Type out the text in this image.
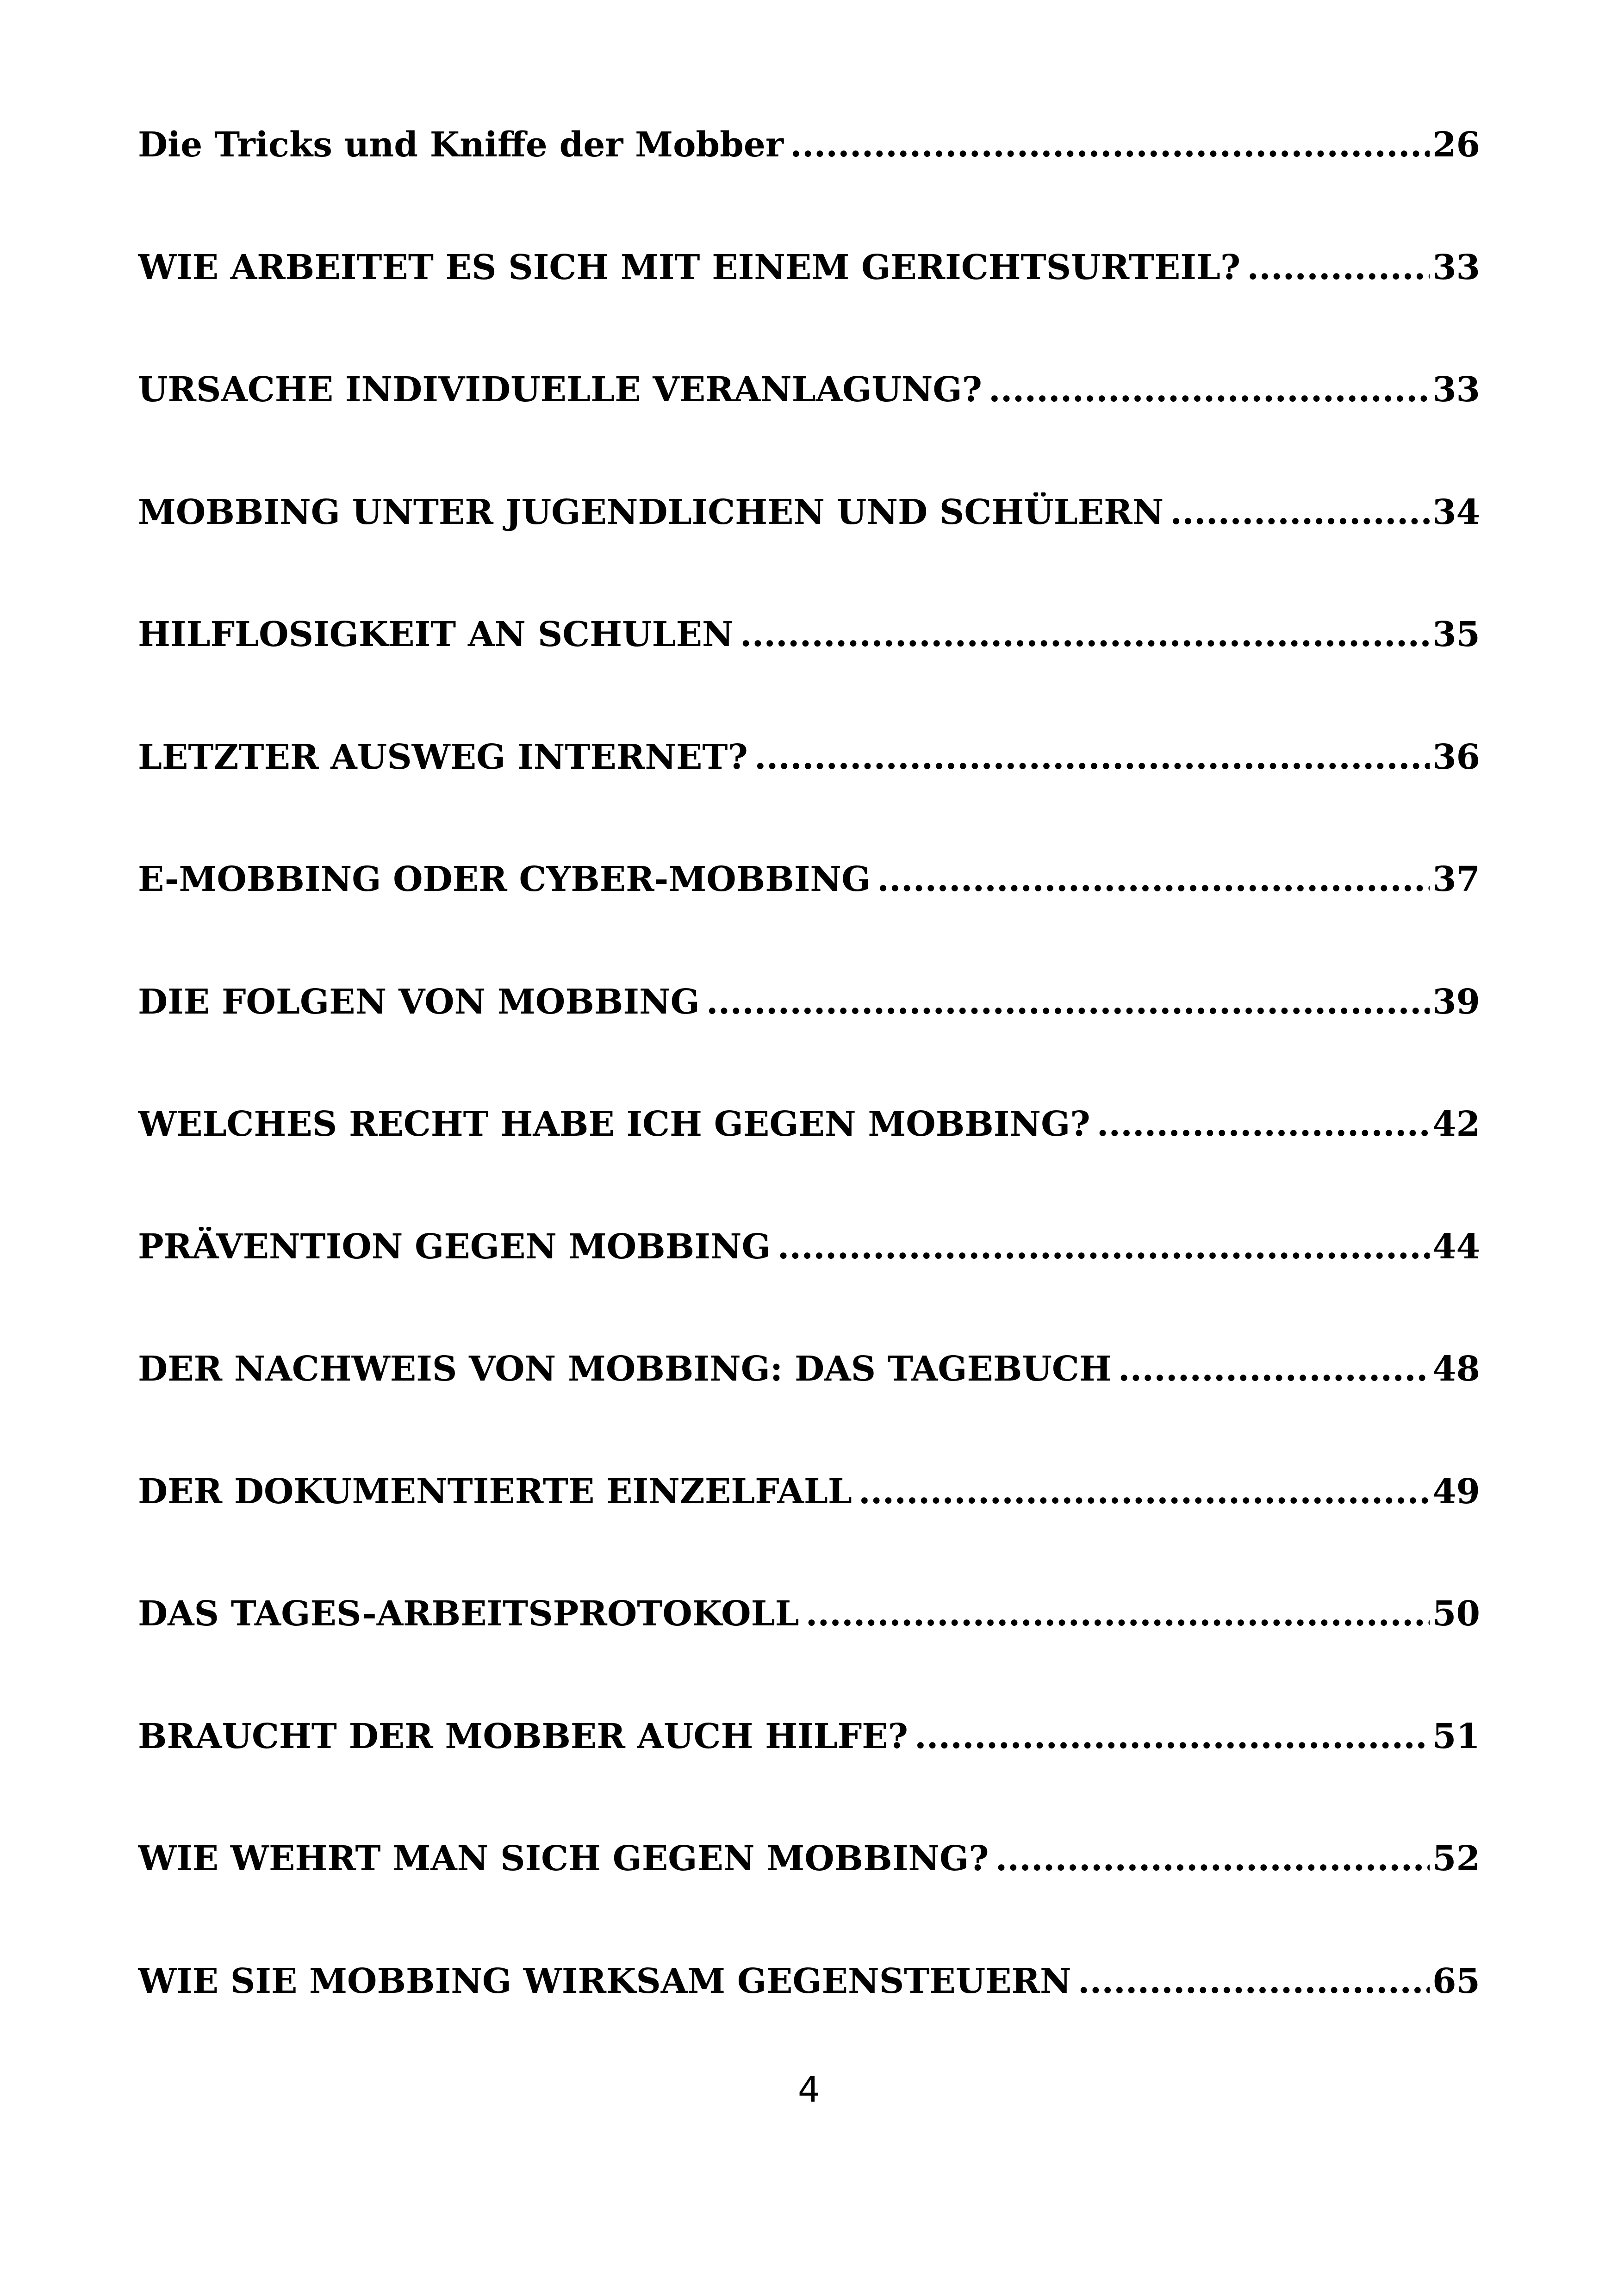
Die Tricks und Kniffe der Mobber .....	26
WIE ARBEITET ES SICH MIT EINEM GERICHTSURTEIL? .....	33
URSACHE INDIVIDUELLE VERANLAGUNG? .....	33
MOBBING UNTER JUGENDLICHEN UND SCHÜLERN .....	34
HILFLOSIGKEIT AN SCHULEN .....	35
LETZTER AUSWEG INTERNET? .....	36
E-MOBBING ODER CYBER-MOBBING .....	37
DIE FOLGEN VON MOBBING .....	39
WELCHES RECHT HABE ICH GEGEN MOBBING? .....	42
PRÄVENTION GEGEN MOBBING .....	44
DER NACHWEIS VON MOBBING: DAS TAGEBUCH .....	48
DER DOKUMENTIERTE EINZELFALL .....	49
DAS TAGES-ARBEITSPROTOKOLL .....	50
BRAUCHT DER MOBBER AUCH HILFE? .....	51
WIE WEHRT MAN SICH GEGEN MOBBING? .....	52
WIE SIE MOBBING WIRKSAM GEGENSTEUERN .....	65
4
